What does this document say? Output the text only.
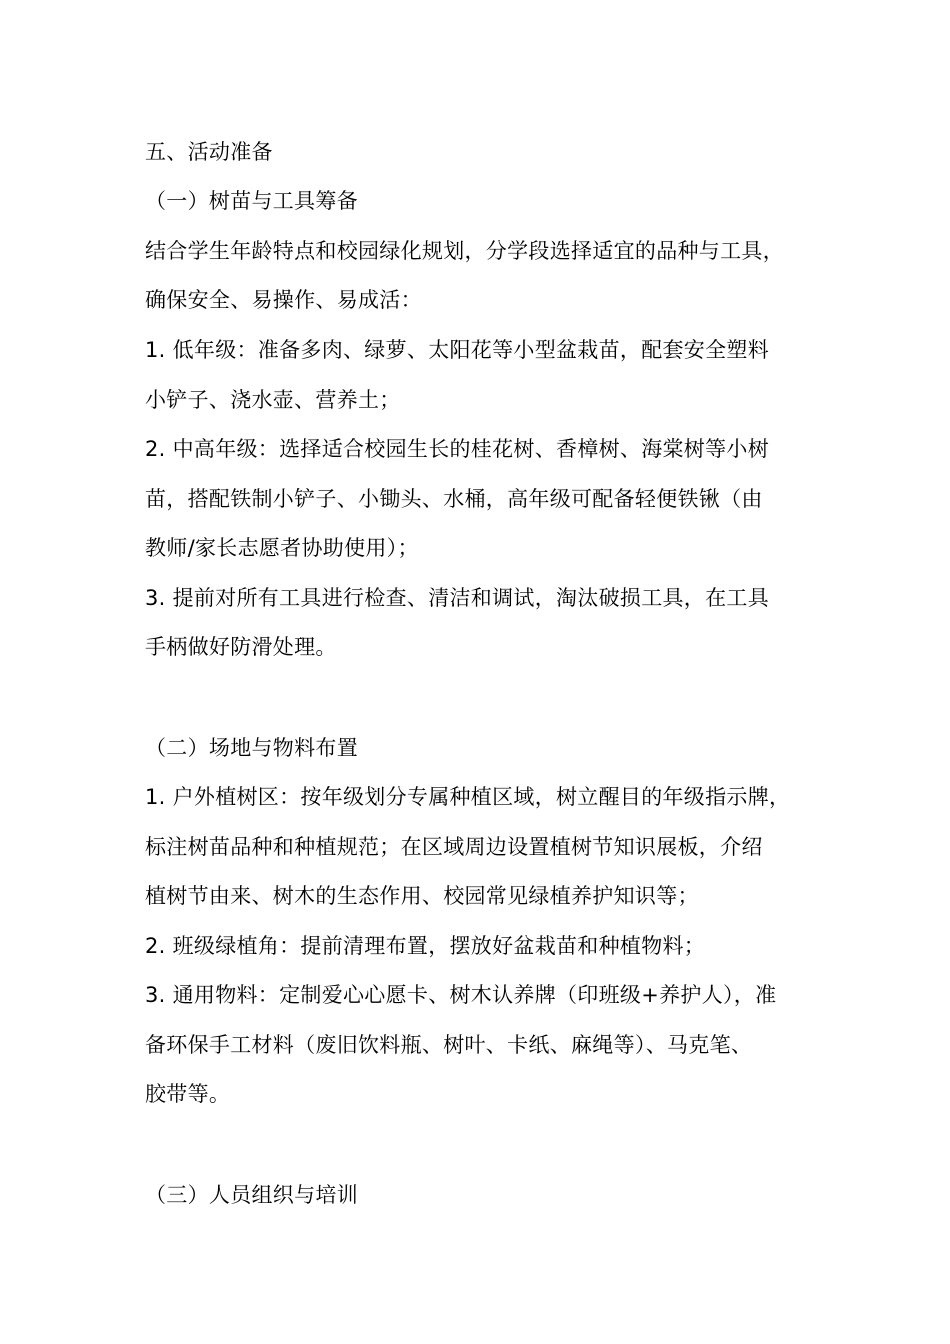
五、活动准备
（一）树苗与工具筹备
结合学生年龄特点和校园绿化规划，分学段选择适宜的品种与工具，
确保安全、易操作、易成活：
1. 低年级：准备多肉、绿萝、太阳花等小型盆栽苗，配套安全塑料
小铲子、浇水壶、营养土；
2. 中高年级：选择适合校园生长的桂花树、香樟树、海棠树等小树
苗，搭配铁制小铲子、小锄头、水桶，高年级可配备轻便铁锹（由
教师/家长志愿者协助使用）；
3. 提前对所有工具进行检查、清洁和调试，淘汰破损工具，在工具
手柄做好防滑处理。
（二）场地与物料布置
1. 户外植树区：按年级划分专属种植区域，树立醒目的年级指示牌，
标注树苗品种和种植规范；在区域周边设置植树节知识展板，介绍
植树节由来、树木的生态作用、校园常见绿植养护知识等；
2. 班级绿植角：提前清理布置，摆放好盆栽苗和种植物料；
3. 通用物料：定制爱心心愿卡、树木认养牌（印班级+养护人），准
备环保手工材料（废旧饮料瓶、树叶、卡纸、麻绳等）、马克笔、
胶带等。
（三）人员组织与培训
